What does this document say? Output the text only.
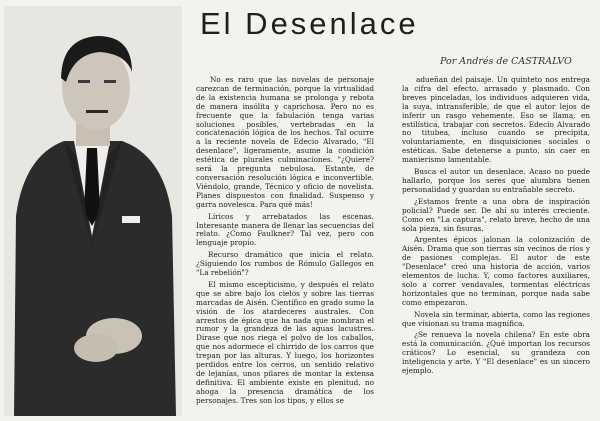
El Desenlace
Por Andrés de CASTRALVO

No es raro que las novelas de personaje carezcan de terminación, porque la virtualidad de la existencia humana se prolonga y rebota de manera insólita y caprichosa. Pero no es frecuente que la fabulación tenga varias soluciones posibles, vertebradas en la concatenación lógica de los hechos. Tal ocurre a la reciente novela de Edecio Alvarado, "El desenlace", ligeramente, asume la condición estética de plurales culminaciones. "¿Quiere? será la pregunta nebulosa. Estante, de conversación resolución lógica e inconvertible. Viéndolo, grande, Técnico y oficio de novelista. Planes dispuestos con finalidad. Suspenso y garra novelesca. Para qué más!

Líricos y arrebatados las escenas. Interesante manera de llenar las secuencias del relato. ¿Como Faulkner? Tal vez, pero con lenguaje propio.

Recurso dramático que inicia el relato. ¿Siguiendo los rumbos de Rómulo Gallegos en "La rebelión"?

El mismo escepticismo, y después el relato que se abre bajo los cielos y sobre las tierras marcadas de Aisén. Científico en grado sumo la visión de los atardeceres australes. Con arrestos de épica que ha nada que nombran el rumor y la grandeza de las aguas lacustres. Dirase que nos riega el polvo de los caballos, que nos adormece el chirrido de los carros que trepan por las alturas. Y luego, los horizontes perdidos entre los cerros, un sentido relativo de lejanías, unos pilares de montar la extensa definitiva. El ambiente existe en plenitud, no ahoga la presencia dramática de los personajes. Tres son los tipos, y ellos se

adueñan del paisaje. Un quinteto nos entrega la cifra del efecto, arrasado y plasmado. Con breves pinceladas, los individuos adquieren vida, la suya, intransferible, de que el autor lejos de inferir un rasgo vehemente. Eso se llama, en estilística, trabajar con secretos. Edecio Alvarado no titubea, incluso cuando se precipita, voluntariamente, en disquisiciones sociales o estéticas. Sabe detenerse a punto, sin caer en manierismo lamentable.

Busca el autor un desenlace. Acaso no puede hallarlo, porque los seres que alumbra tienen personalidad y guardan su entrañable secreto.

¿Estamos frente a una obra de inspiración policial? Puede ser. De ahí su interés creciente. Como en "La captura", relato breve, hecho de una sola pieza, sin fisuras.

Argentes épicos jalonan la colonización de Aisén. Drama que son tierras sin vecinos de ríos y de pasiones complejas. El autor de este "Desenlace" creó una historia de acción, varios elementos de lucha. Y, como factores auxiliares, solo a correr vendavales, tormentas eléctricas horizontales que no terminan, porque nada sabe como empezaron.

Novela sin terminar, abierta, como las regiones que visionan su trama magnífica.

¿Se renueva la novela chilena? En este obra está la comunicación. ¿Qué importan los recursos cráticos? Lo esencial, su grandeza con inteligencia y arte. Y "El desenlace" es un sincero ejemplo.
